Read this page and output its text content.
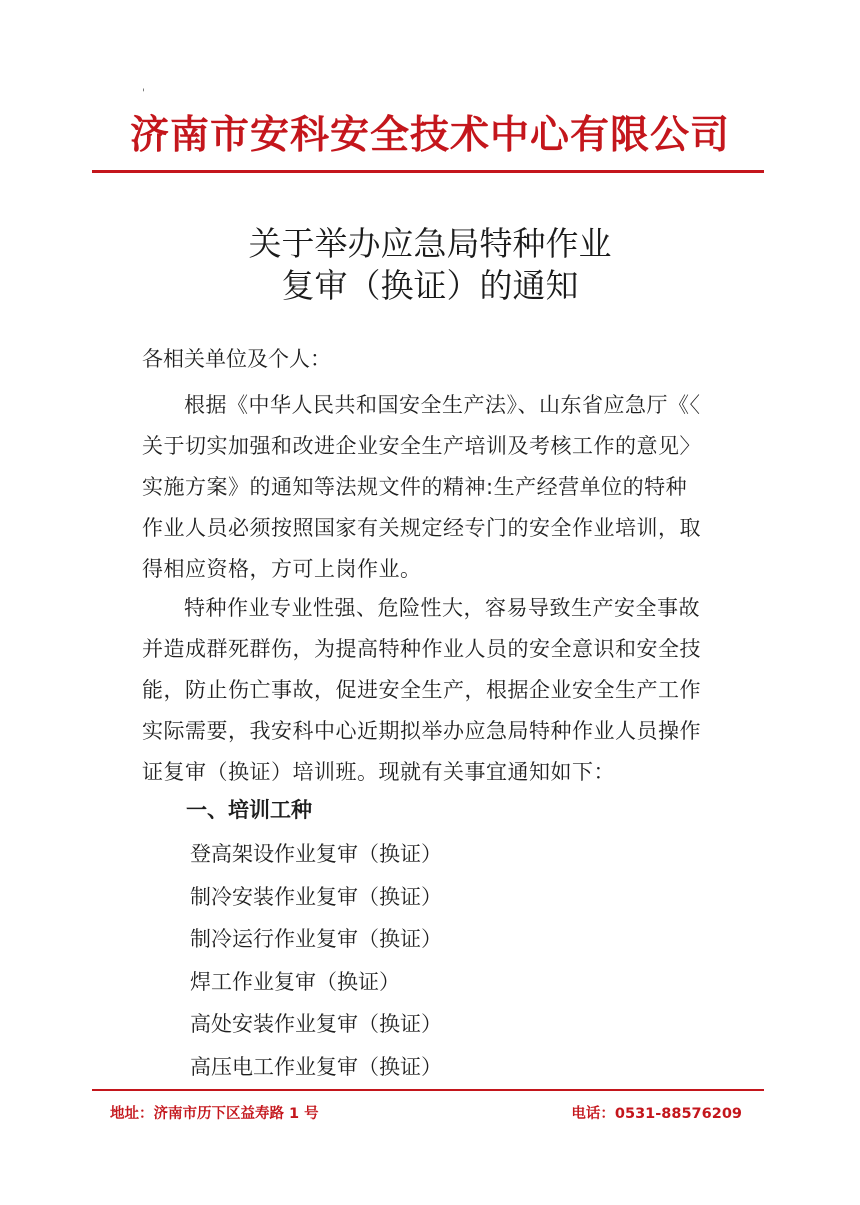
'
济南市安科安全技术中心有限公司
关于举办应急局特种作业
复审（换证）的通知
各相关单位及个人：
根据《中华人民共和国安全生产法》、山东省应急厅《〈
关于切实加强和改进企业安全生产培训及考核工作的意见〉
实施方案》的通知等法规文件的精神:生产经营单位的特种
作业人员必须按照国家有关规定经专门的安全作业培训，取
得相应资格，方可上岗作业。
特种作业专业性强、危险性大，容易导致生产安全事故
并造成群死群伤，为提高特种作业人员的安全意识和安全技
能，防止伤亡事故，促进安全生产，根据企业安全生产工作
实际需要，我安科中心近期拟举办应急局特种作业人员操作
证复审（换证）培训班。现就有关事宜通知如下：
一、培训工种
登高架设作业复审（换证）
制冷安装作业复审（换证）
制冷运行作业复审（换证）
焊工作业复审（换证）
高处安装作业复审（换证）
高压电工作业复审（换证）
地址：济南市历下区益寿路 1 号	电话：0531-88576209
